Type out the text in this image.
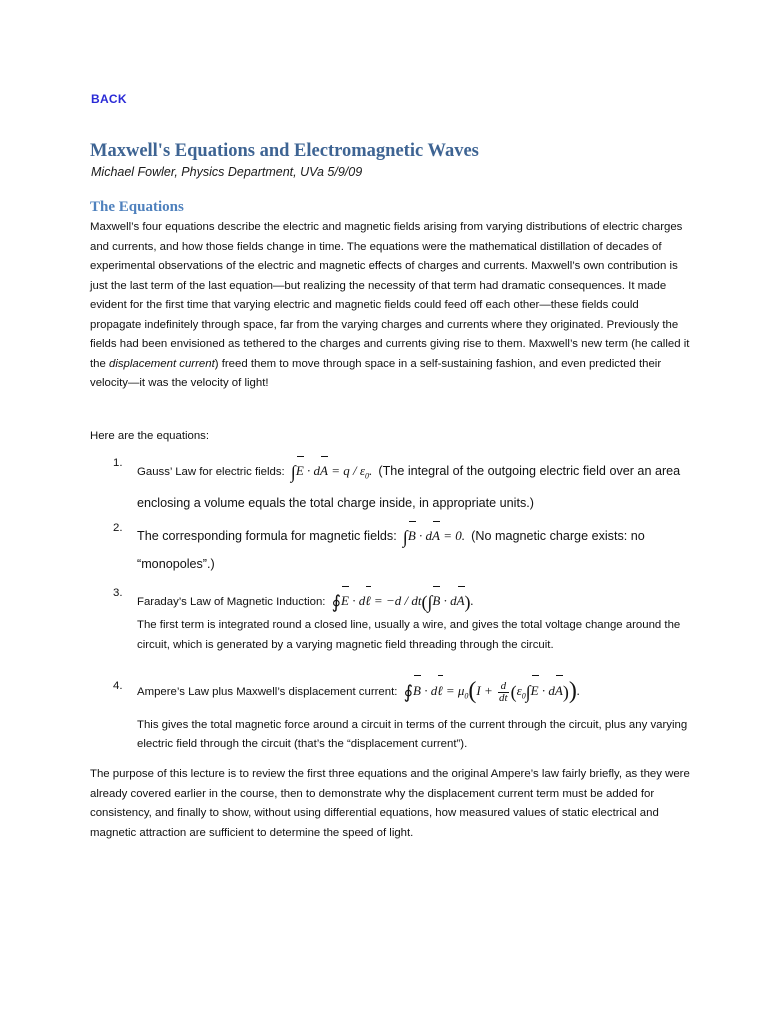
BACK
Maxwell's Equations and Electromagnetic Waves
Michael Fowler, Physics Department, UVa 5/9/09
The Equations

Maxwell’s four equations describe the electric and magnetic fields arising from varying distributions of electric charges and currents, and how those fields change in time. The equations were the mathematical distillation of decades of experimental observations of the electric and magnetic effects of charges and currents. Maxwell’s own contribution is just the last term of the last equation—but realizing the necessity of that term had dramatic consequences. It made evident for the first time that varying electric and magnetic fields could feed off each other—these fields could propagate indefinitely through space, far from the varying charges and currents where they originated. Previously the fields had been envisioned as tethered to the charges and currents giving rise to them. Maxwell’s new term (he called it the displacement current) freed them to move through space in a self-sustaining fashion, and even predicted their velocity—it was the velocity of light!

Here are the equations:

1.
Gauss’ Law for electric fields: ∫E · dA = q / $\varepsilon_0$. (The integral of the outgoing electric field over an area enclosing a volume equals the total charge inside, in appropriate units.)
2.
The corresponding formula for magnetic fields: ∫B · dA = 0. (No magnetic charge exists: no “monopoles”.)
3.
Faraday’s Law of Magnetic Induction: ∮E · dℓ = −d / dt(∫B · dA).
The first term is integrated round a closed line, usually a wire, and gives the total voltage change around the circuit, which is generated by a varying magnetic field threading through the circuit.
4. Ampere’s Law plus Maxwell’s displacement current: ∮B · dℓ = $\mu_0(I + \frac{d}{dt} (\varepsilon_0\int E \cdot dA))$.
This gives the total magnetic force around a circuit in terms of the current through the circuit, plus any varying electric field through the circuit (that’s the “displacement current”).

The purpose of this lecture is to review the first three equations and the original Ampere’s law fairly briefly, as they were already covered earlier in the course, then to demonstrate why the displacement current term must be added for consistency, and finally to show, without using differential equations, how measured values of static electrical and magnetic attraction are sufficient to determine the speed of light.
